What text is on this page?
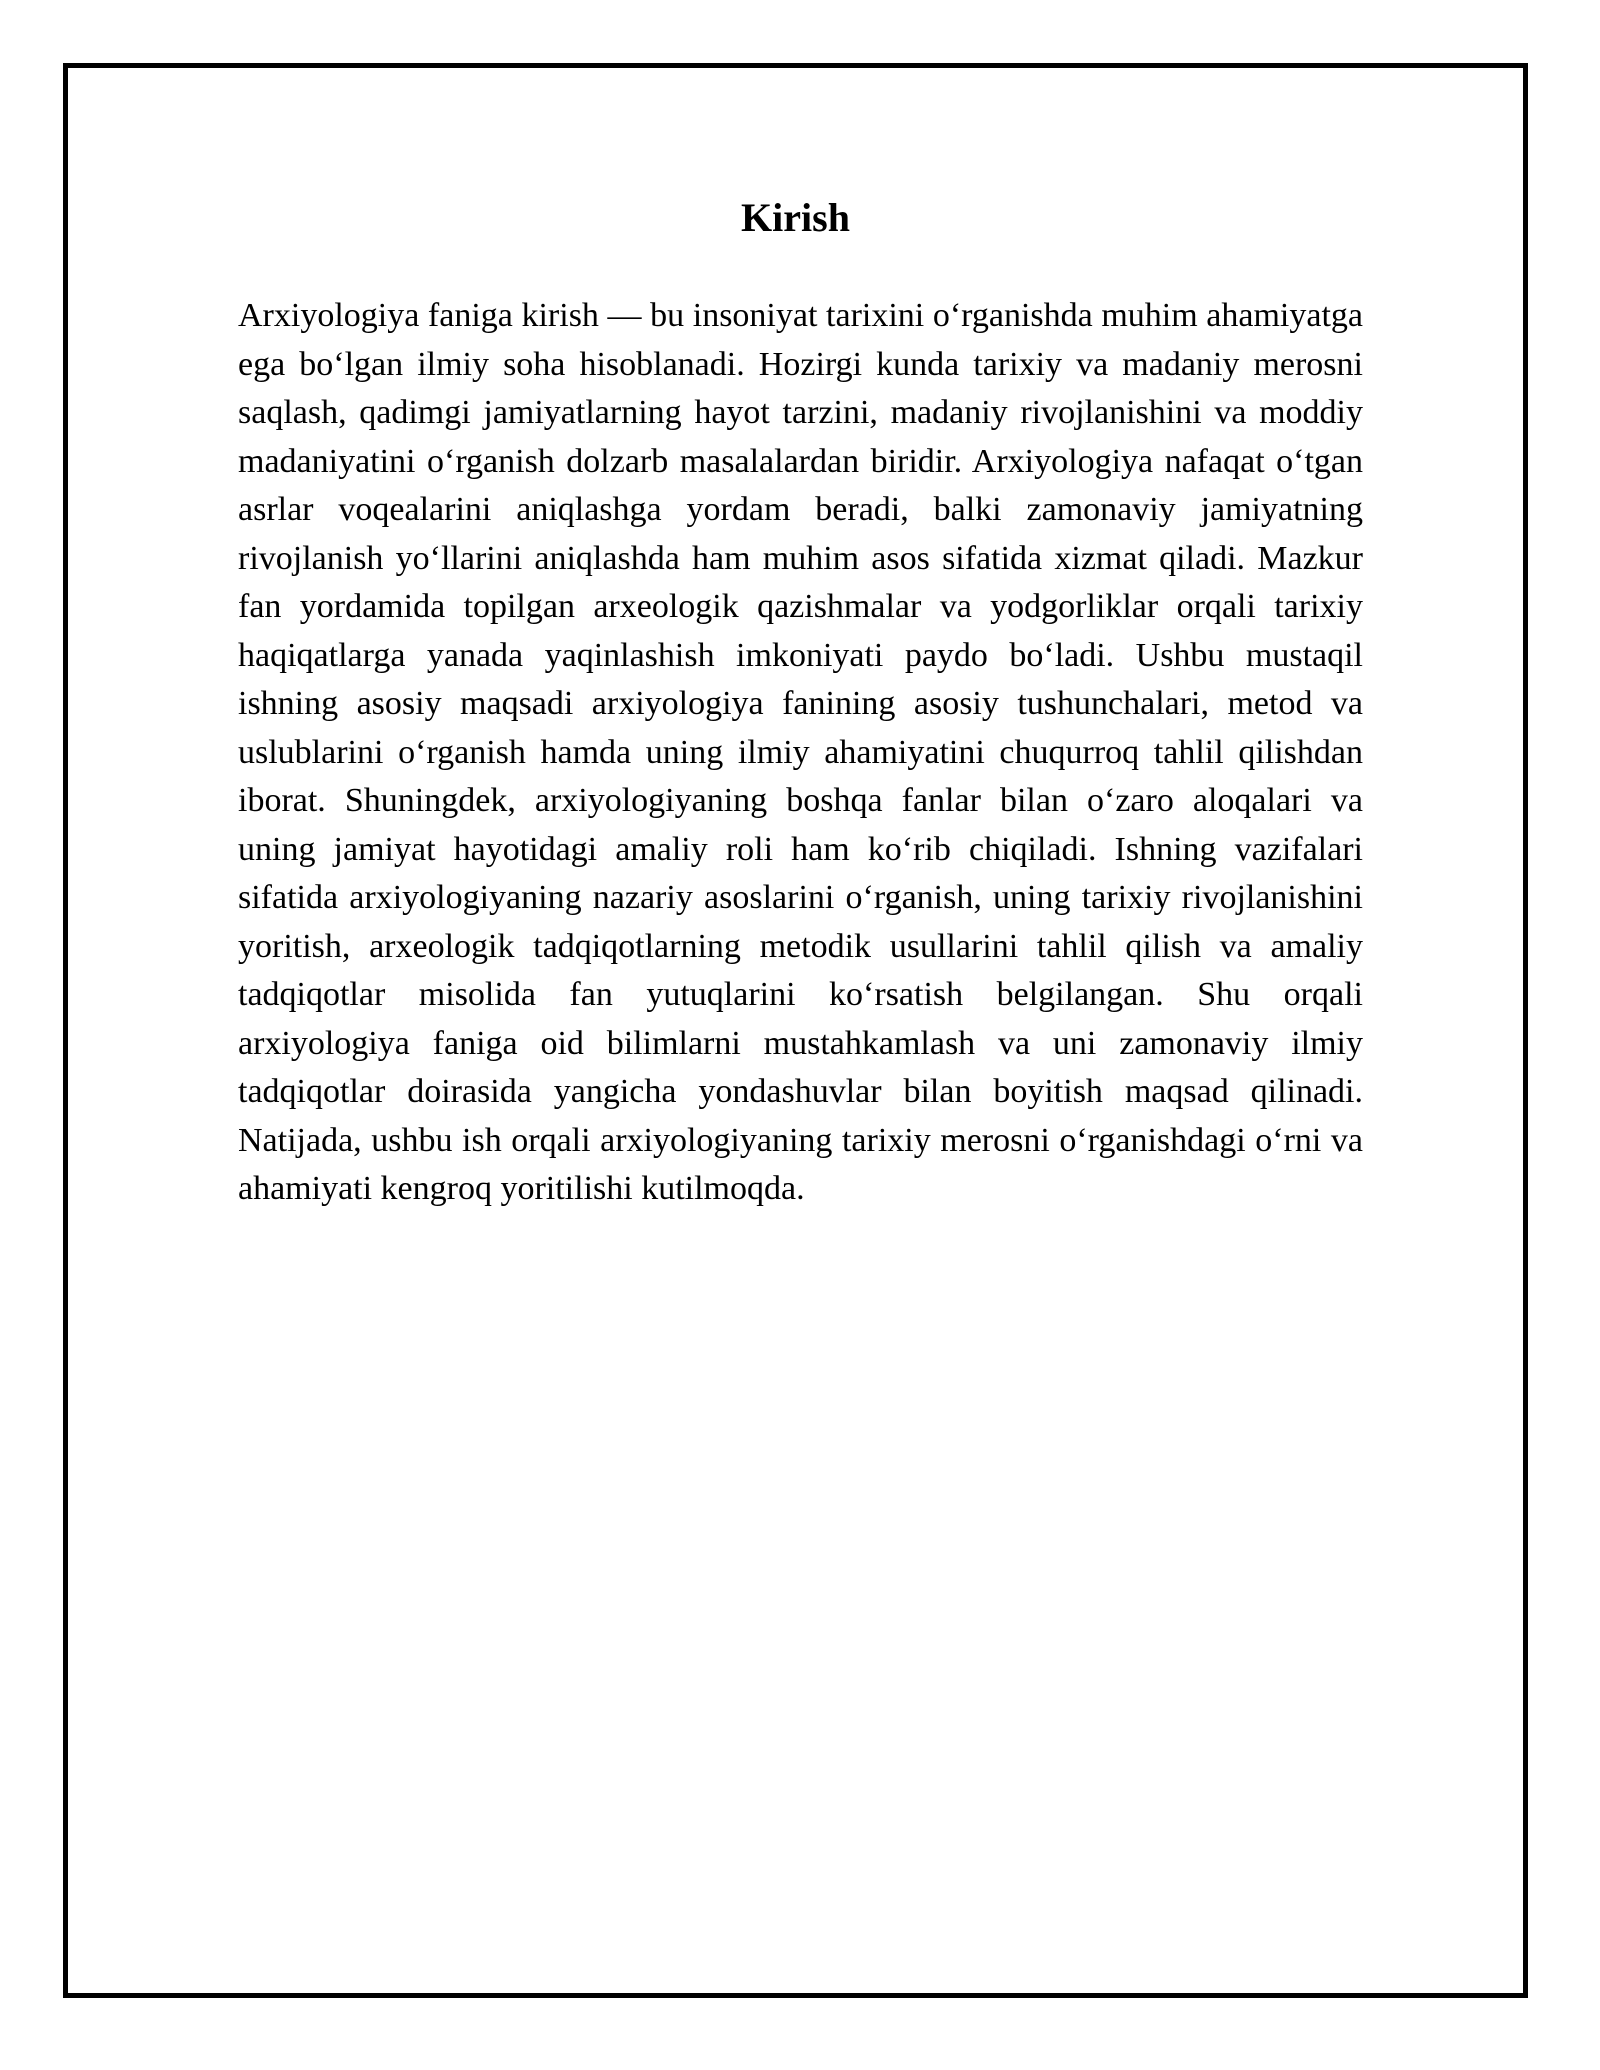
Kirish

Arxiyologiya faniga kirish — bu insoniyat tarixini o‘rganishda muhim ahamiyatga ega bo‘lgan ilmiy soha hisoblanadi. Hozirgi kunda tarixiy va madaniy merosni saqlash, qadimgi jamiyatlarning hayot tarzini, madaniy rivojlanishini va moddiy madaniyatini o‘rganish dolzarb masalalardan biridir. Arxiyologiya nafaqat o‘tgan asrlar voqealarini aniqlashga yordam beradi, balki zamonaviy jamiyatning rivojlanish yo‘llarini aniqlashda ham muhim asos sifatida xizmat qiladi. Mazkur fan yordamida topilgan arxeologik qazishmalar va yodgorliklar orqali tarixiy haqiqatlarga yanada yaqinlashish imkoniyati paydo bo‘ladi. Ushbu mustaqil ishning asosiy maqsadi arxiyologiya fanining asosiy tushunchalari, metod va uslublarini o‘rganish hamda uning ilmiy ahamiyatini chuqurroq tahlil qilishdan iborat. Shuningdek, arxiyologiyaning boshqa fanlar bilan o‘zaro aloqalari va uning jamiyat hayotidagi amaliy roli ham ko‘rib chiqiladi. Ishning vazifalari sifatida arxiyologiyaning nazariy asoslarini o‘rganish, uning tarixiy rivojlanishini yoritish, arxeologik tadqiqotlarning metodik usullarini tahlil qilish va amaliy tadqiqotlar misolida fan yutuqlarini ko‘rsatish belgilangan. Shu orqali arxiyologiya faniga oid bilimlarni mustahkamlash va uni zamonaviy ilmiy tadqiqotlar doirasida yangicha yondashuvlar bilan boyitish maqsad qilinadi. Natijada, ushbu ish orqali arxiyologiyaning tarixiy merosni o‘rganishdagi o‘rni va ahamiyati kengroq yoritilishi kutilmoqda.
